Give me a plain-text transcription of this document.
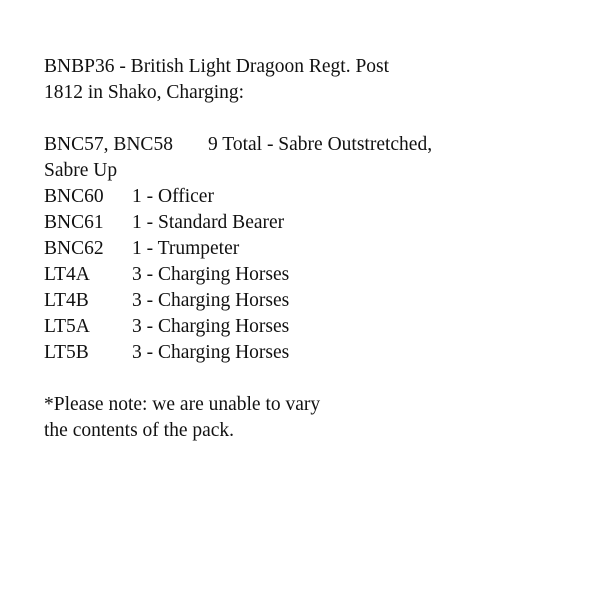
BNBP36 - British Light Dragoon Regt. Post
1812 in Shako, Charging:
BNC57, BNC58	9 Total - Sabre Outstretched,
Sabre Up
BNC60	1 - Officer
BNC61	1 - Standard Bearer
BNC62	1 - Trumpeter
LT4A	3 - Charging Horses
LT4B	3 - Charging Horses
LT5A	3 - Charging Horses
LT5B	3 - Charging Horses
*Please note: we are unable to vary
the contents of the pack.
